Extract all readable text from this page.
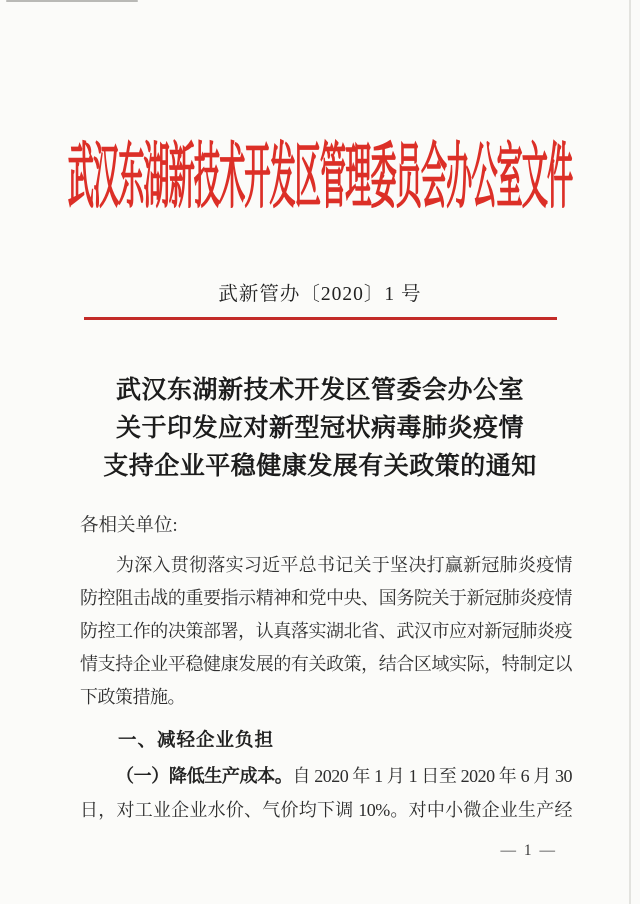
武汉东湖新技术开发区管理委员会办公室文件
武新管办〔2020〕1 号
武汉东湖新技术开发区管委会办公室
关于印发应对新型冠状病毒肺炎疫情
支持企业平稳健康发展有关政策的通知
各相关单位:
为深入贯彻落实习近平总书记关于坚决打赢新冠肺炎疫情
防控阻击战的重要指示精神和党中央、国务院关于新冠肺炎疫情
防控工作的决策部署，认真落实湖北省、武汉市应对新冠肺炎疫
情支持企业平稳健康发展的有关政策，结合区域实际，特制定以
下政策措施。
一、减轻企业负担
（一）降低生产成本。自 2020 年 1 月 1 日至 2020 年 6 月 30
日，对工业企业水价、气价均下调 10%。对中小微企业生产经
— 1 —
